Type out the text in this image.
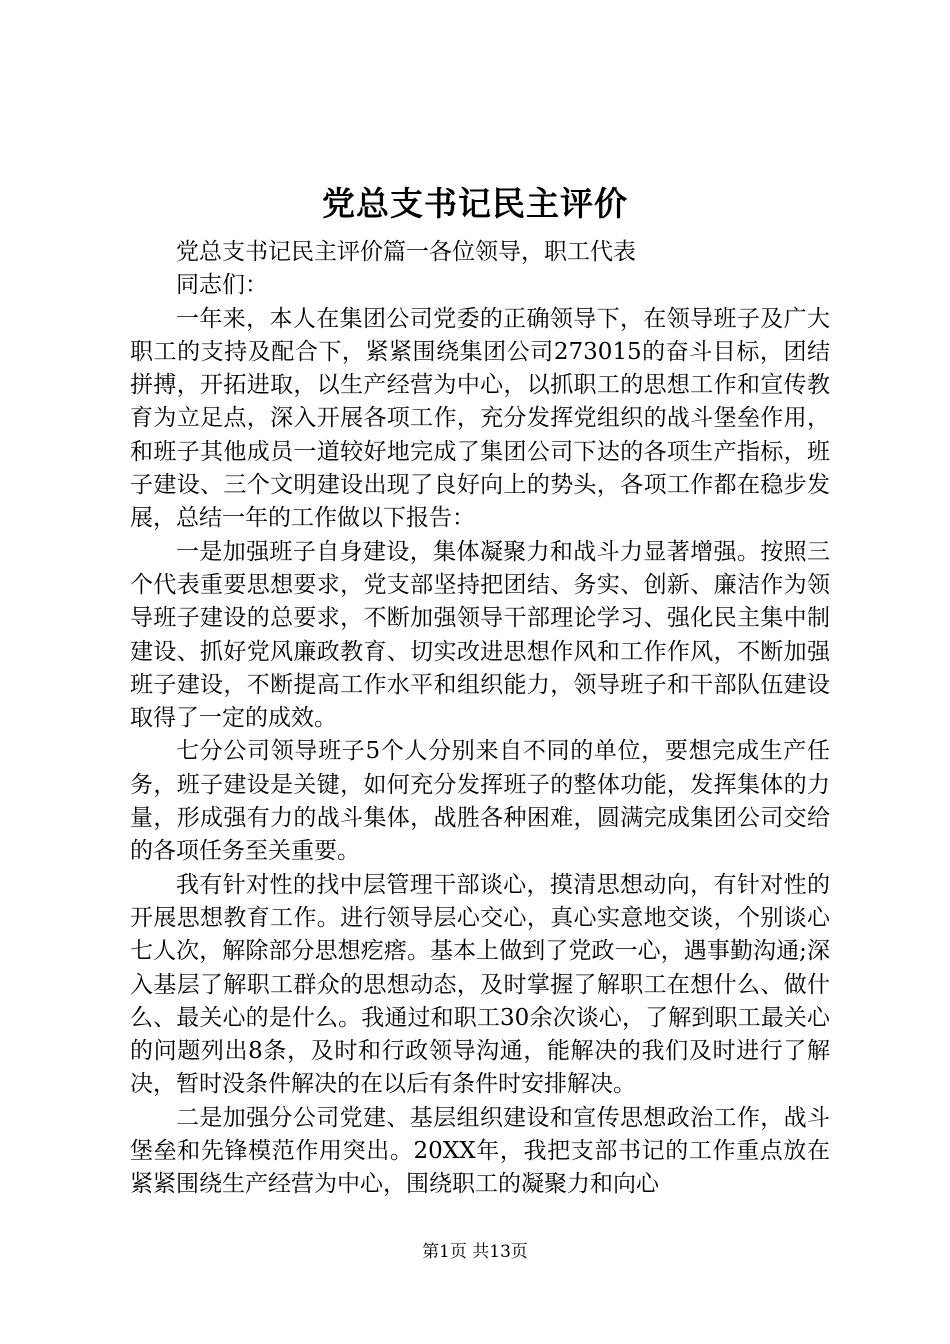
党总支书记民主评价

党总支书记民主评价篇一各位领导，职工代表

同志们：

一年来，本人在集团公司党委的正确领导下，在领导班子及广大职工的支持及配合下，紧紧围绕集团公司273015的奋斗目标，团结拼搏，开拓进取，以生产经营为中心，以抓职工的思想工作和宣传教育为立足点，深入开展各项工作，充分发挥党组织的战斗堡垒作用，和班子其他成员一道较好地完成了集团公司下达的各项生产指标，班子建设、三个文明建设出现了良好向上的势头，各项工作都在稳步发展，总结一年的工作做以下报告：

一是加强班子自身建设，集体凝聚力和战斗力显著增强。按照三个代表重要思想要求，党支部坚持把团结、务实、创新、廉洁作为领导班子建设的总要求，不断加强领导干部理论学习、强化民主集中制建设、抓好党风廉政教育、切实改进思想作风和工作作风，不断加强班子建设，不断提高工作水平和组织能力，领导班子和干部队伍建设取得了一定的成效。

七分公司领导班子5个人分别来自不同的单位，要想完成生产任务，班子建设是关键，如何充分发挥班子的整体功能，发挥集体的力量，形成强有力的战斗集体，战胜各种困难，圆满完成集团公司交给的各项任务至关重要。

我有针对性的找中层管理干部谈心，摸清思想动向，有针对性的开展思想教育工作。进行领导层心交心，真心实意地交谈，个别谈心七人次，解除部分思想疙瘩。基本上做到了党政一心，遇事勤沟通;深入基层了解职工群众的思想动态，及时掌握了解职工在想什么、做什么、最关心的是什么。我通过和职工30余次谈心，了解到职工最关心的问题列出8条，及时和行政领导沟通，能解决的我们及时进行了解决，暂时没条件解决的在以后有条件时安排解决。

二是加强分公司党建、基层组织建设和宣传思想政治工作，战斗堡垒和先锋模范作用突出。20XX年，我把支部书记的工作重点放在紧紧围绕生产经营为中心，围绕职工的凝聚力和向心

第1页 共13页
